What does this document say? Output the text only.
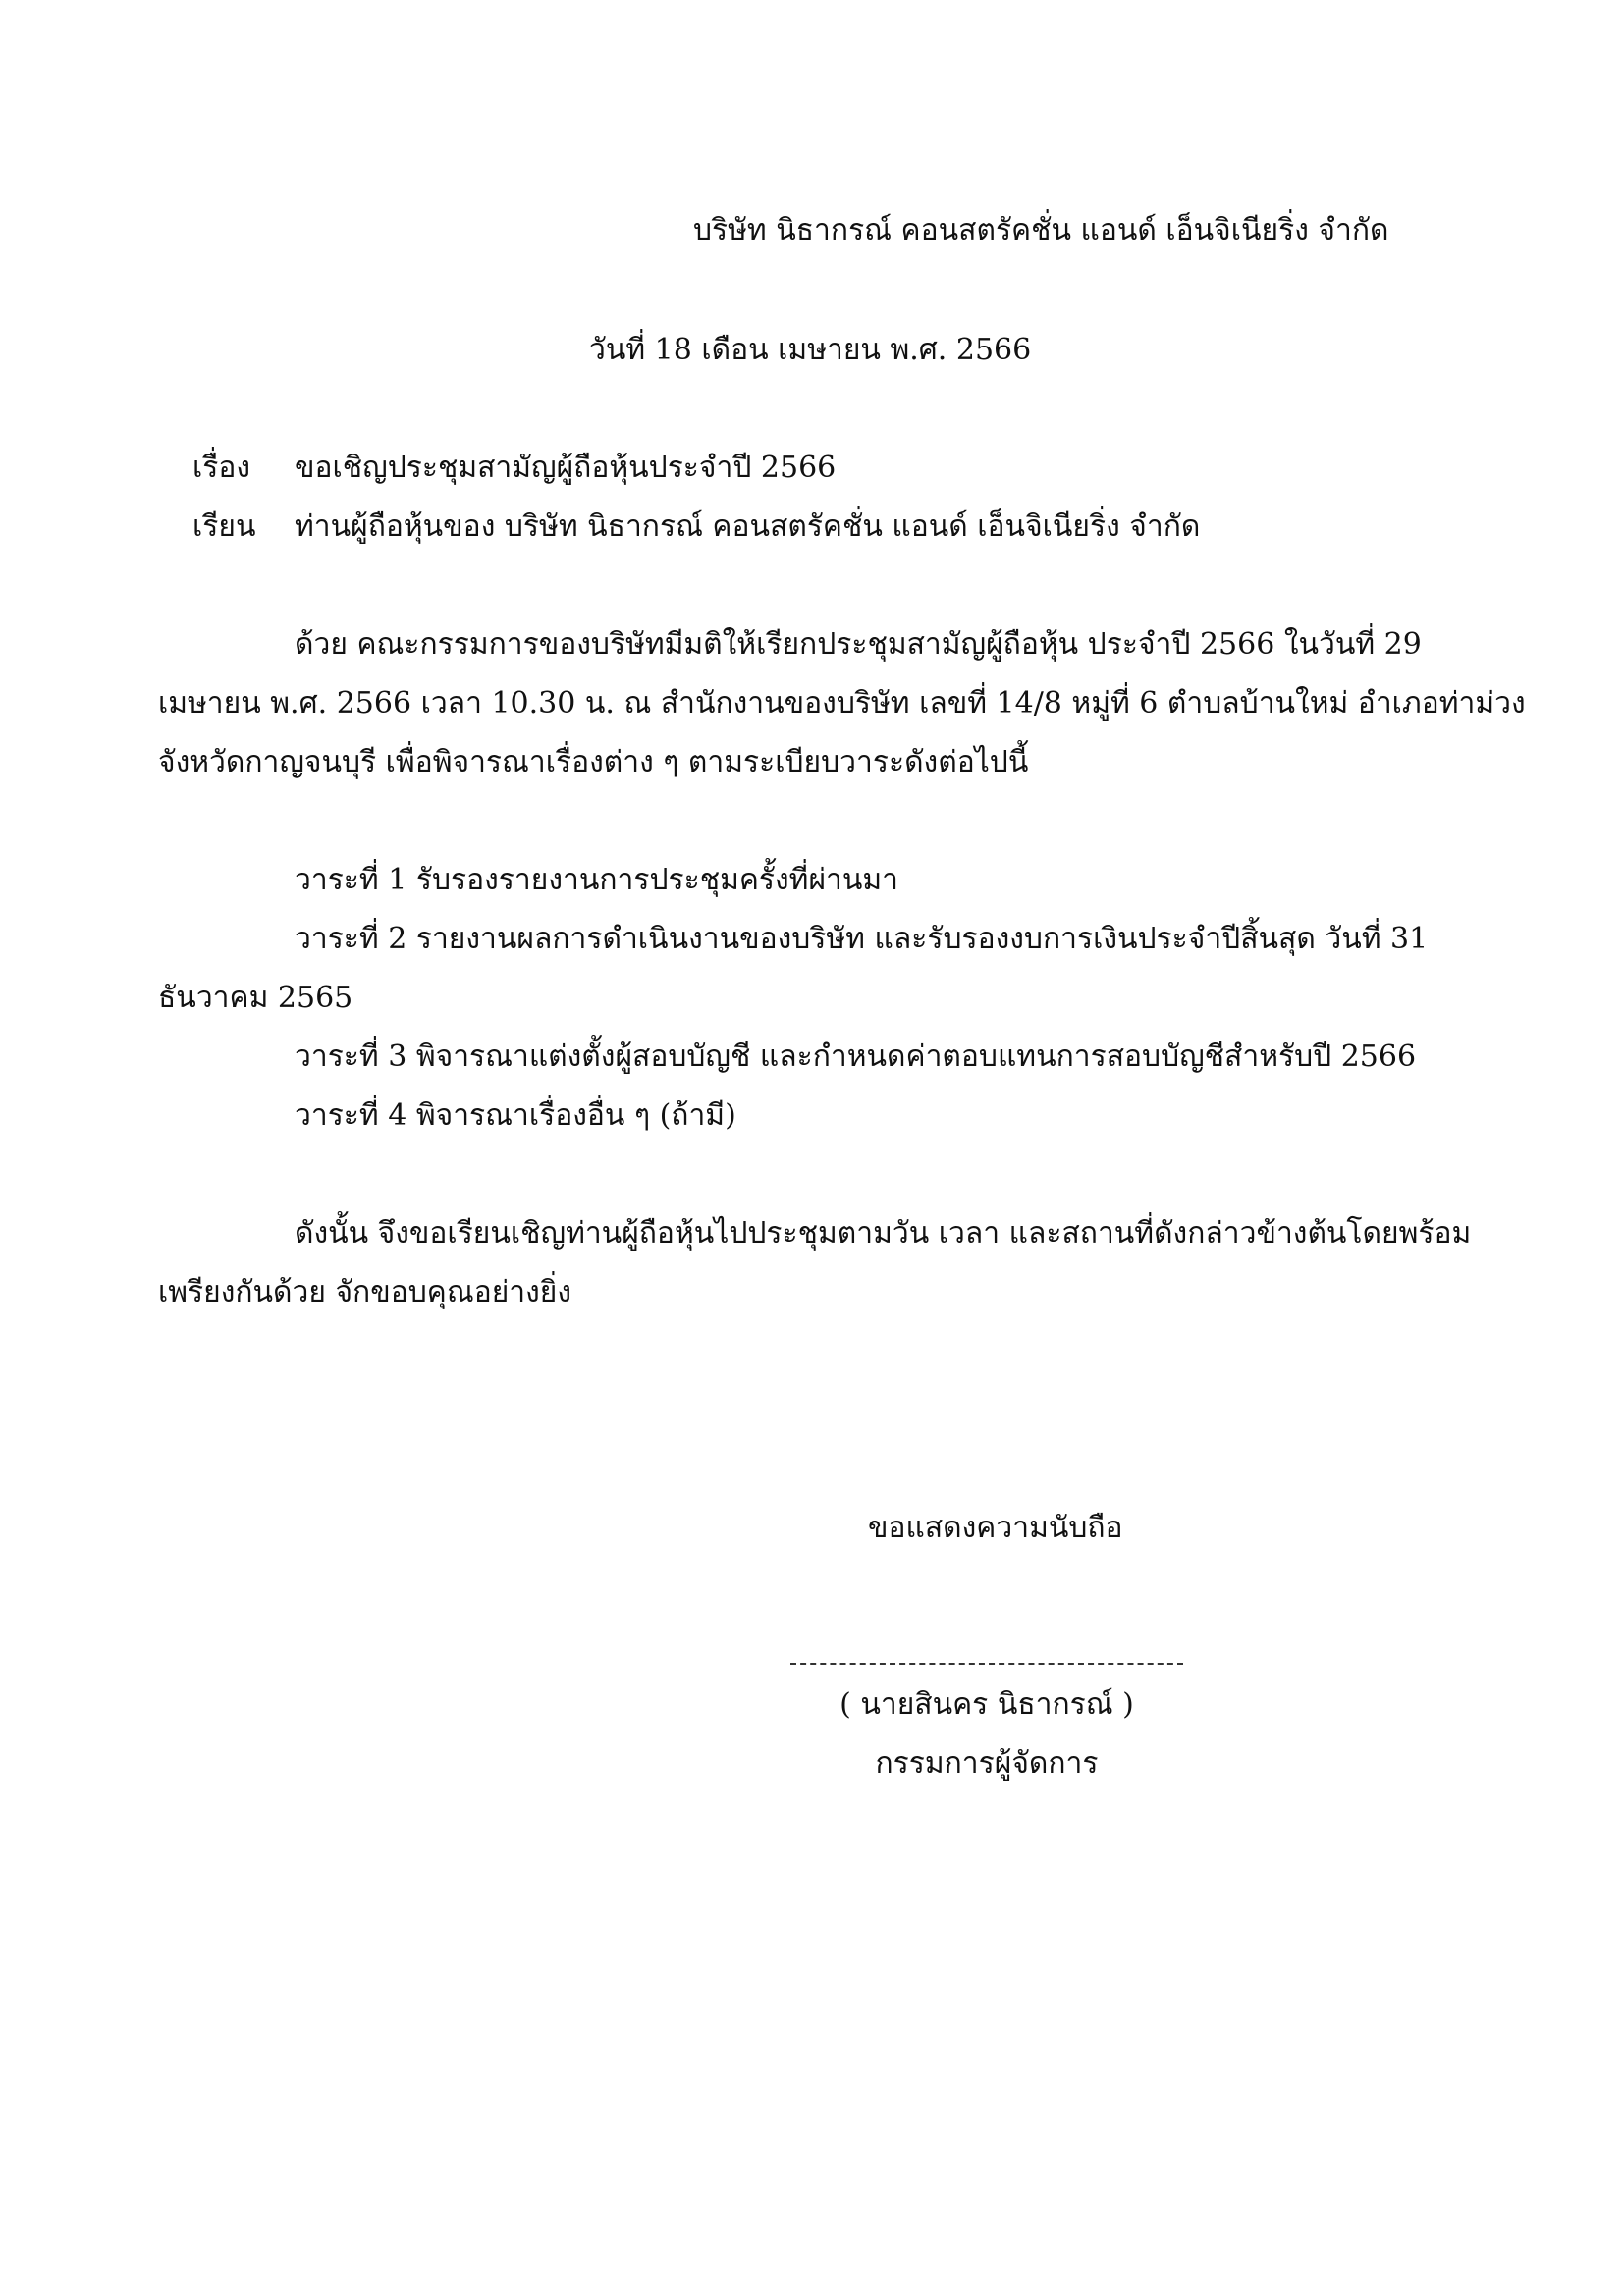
บริษัท นิธากรณ์ คอนสตรัคชั่น แอนด์ เอ็นจิเนียริ่ง จำกัด
วันที่ 18 เดือน เมษายน พ.ศ. 2566
เรื่อง ขอเชิญประชุมสามัญผู้ถือหุ้นประจำปี 2566
เรียน ท่านผู้ถือหุ้นของ บริษัท นิธากรณ์ คอนสตรัคชั่น แอนด์ เอ็นจิเนียริ่ง จำกัด
ด้วย คณะกรรมการของบริษัทมีมติให้เรียกประชุมสามัญผู้ถือหุ้น ประจำปี 2566 ในวันที่ 29
เมษายน พ.ศ. 2566 เวลา 10.30 น. ณ สำนักงานของบริษัท เลขที่ 14/8 หมู่ที่ 6 ตำบลบ้านใหม่ อำเภอท่าม่วง
จังหวัดกาญจนบุรี เพื่อพิจารณาเรื่องต่าง ๆ ตามระเบียบวาระดังต่อไปนี้
วาระที่ 1 รับรองรายงานการประชุมครั้งที่ผ่านมา
วาระที่ 2 รายงานผลการดำเนินงานของบริษัท และรับรองงบการเงินประจำปีสิ้นสุด วันที่ 31
ธันวาคม 2565
วาระที่ 3 พิจารณาแต่งตั้งผู้สอบบัญชี และกำหนดค่าตอบแทนการสอบบัญชีสำหรับปี 2566
วาระที่ 4 พิจารณาเรื่องอื่น ๆ (ถ้ามี)
ดังนั้น จึงขอเรียนเชิญท่านผู้ถือหุ้นไปประชุมตามวัน เวลา และสถานที่ดังกล่าวข้างต้นโดยพร้อม
เพรียงกันด้วย จักขอบคุณอย่างยิ่ง
ขอแสดงความนับถือ
( นายสินคร นิธากรณ์ )
กรรมการผู้จัดการ
